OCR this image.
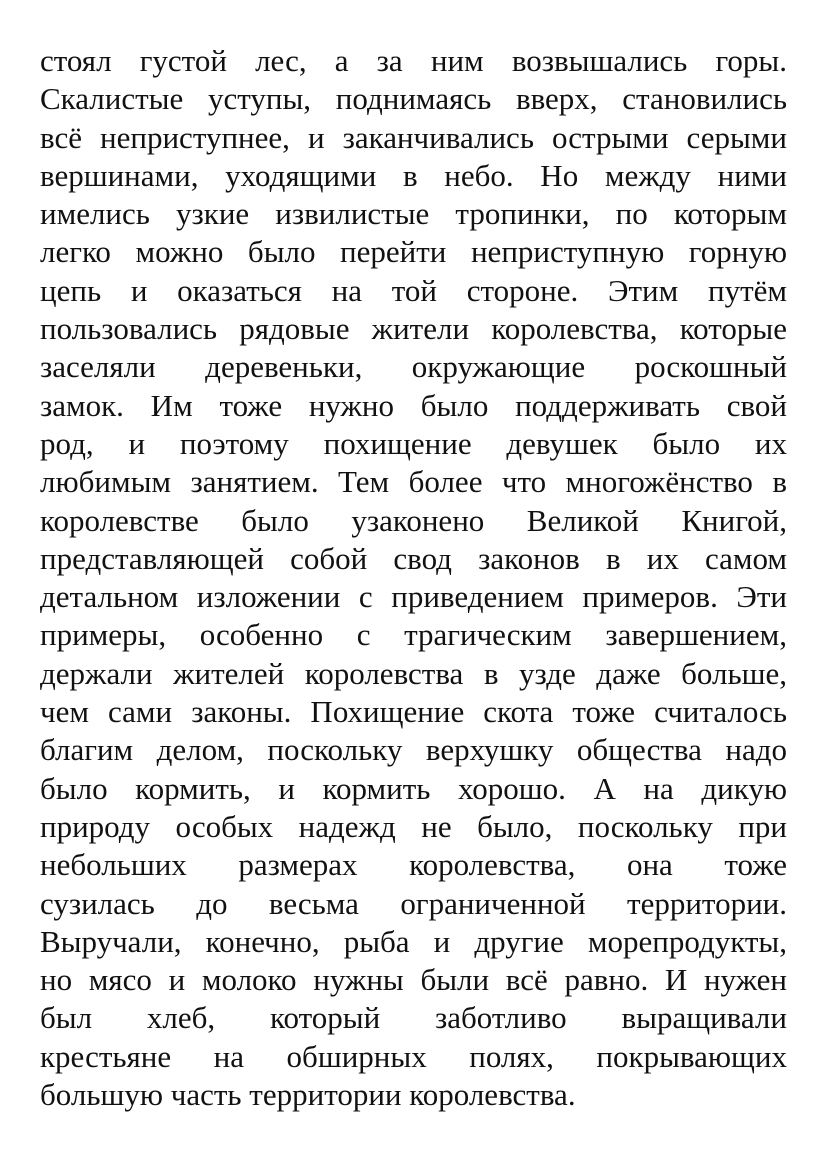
стоял густой лес, а за ним возвышались горы.
Скалистые уступы, поднимаясь вверх, становились
всё неприступнее, и заканчивались острыми серыми
вершинами, уходящими в небо. Но между ними
имелись узкие извилистые тропинки, по которым
легко можно было перейти неприступную горную
цепь и оказаться на той стороне. Этим путём
пользовались рядовые жители королевства, которые
заселяли деревеньки, окружающие роскошный
замок. Им тоже нужно было поддерживать свой
род, и поэтому похищение девушек было их
любимым занятием. Тем более что многожёнство в
королевстве было узаконено Великой Книгой,
представляющей собой свод законов в их самом
детальном изложении с приведением примеров. Эти
примеры, особенно с трагическим завершением,
держали жителей королевства в узде даже больше,
чем сами законы. Похищение скота тоже считалось
благим делом, поскольку верхушку общества надо
было кормить, и кормить хорошо. А на дикую
природу особых надежд не было, поскольку при
небольших размерах королевства, она тоже
сузилась до весьма ограниченной территории.
Выручали, конечно, рыба и другие морепродукты,
но мясо и молоко нужны были всё равно. И нужен
был хлеб, который заботливо выращивали
крестьяне на обширных полях, покрывающих
большую часть территории королевства.
